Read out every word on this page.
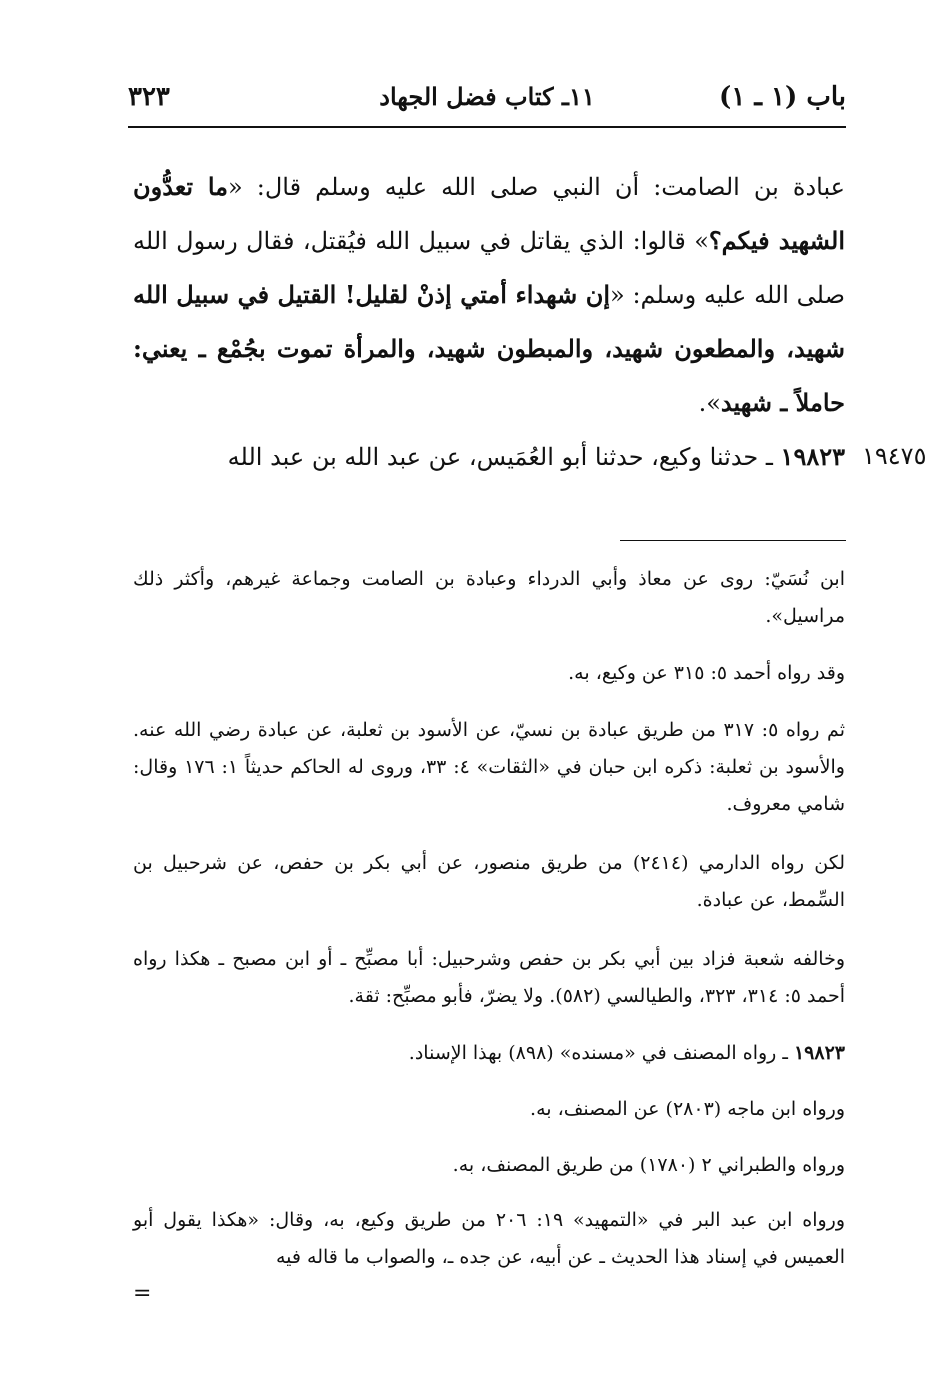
باب (١ ـ ١)
١١ـ كتاب فضل الجهاد
٣٢٣
عبادة بن الصامت: أن النبي صلى الله عليه وسلم قال: «ما تعدُّون الشهيد فيكم؟» قالوا: الذي يقاتل في سبيل الله فيُقتل، فقال رسول الله صلى الله عليه وسلم: «إن شهداء أمتي إذنْ لقليل! القتيل في سبيل الله شهيد، والمطعون شهيد، والمبطون شهيد، والمرأة تموت بجُمْع ـ يعني: حاملاً ـ شهيد».
١٩٨٢٣ ـ حدثنا وكيع، حدثنا أبو العُمَيس، عن عبد الله بن عبد الله	١٩٤٧٥
ابن نُسَيّ: روى عن معاذ وأبي الدرداء وعبادة بن الصامت وجماعة غيرهم، وأكثر ذلك مراسيل».
وقد رواه أحمد ٥: ٣١٥ عن وكيع، به.
ثم رواه ٥: ٣١٧ من طريق عبادة بن نسيّ، عن الأسود بن ثعلبة، عن عبادة رضي الله عنه. والأسود بن ثعلبة: ذكره ابن حبان في «الثقات» ٤: ٣٣، وروى له الحاكم حديثاً ١: ١٧٦ وقال: شامي معروف.
لكن رواه الدارمي (٢٤١٤) من طريق منصور، عن أبي بكر بن حفص، عن شرحبيل بن السِّمط، عن عبادة.
وخالفه شعبة فزاد بين أبي بكر بن حفص وشرحبيل: أبا مصبِّح ـ أو ابن مصبح ـ هكذا رواه أحمد ٥: ٣١٤، ٣٢٣، والطيالسي (٥٨٢). ولا يضرّ، فأبو مصبِّح: ثقة.
١٩٨٢٣ ـ رواه المصنف في «مسنده» (٨٩٨) بهذا الإسناد.
ورواه ابن ماجه (٢٨٠٣) عن المصنف، به.
ورواه والطبراني ٢ (١٧٨٠) من طريق المصنف، به.
ورواه ابن عبد البر في «التمهيد» ١٩: ٢٠٦ من طريق وكيع، به، وقال: «هكذا يقول أبو العميس في إسناد هذا الحديث ـ عن أبيه، عن جده ـ، والصواب ما قاله فيه
=
